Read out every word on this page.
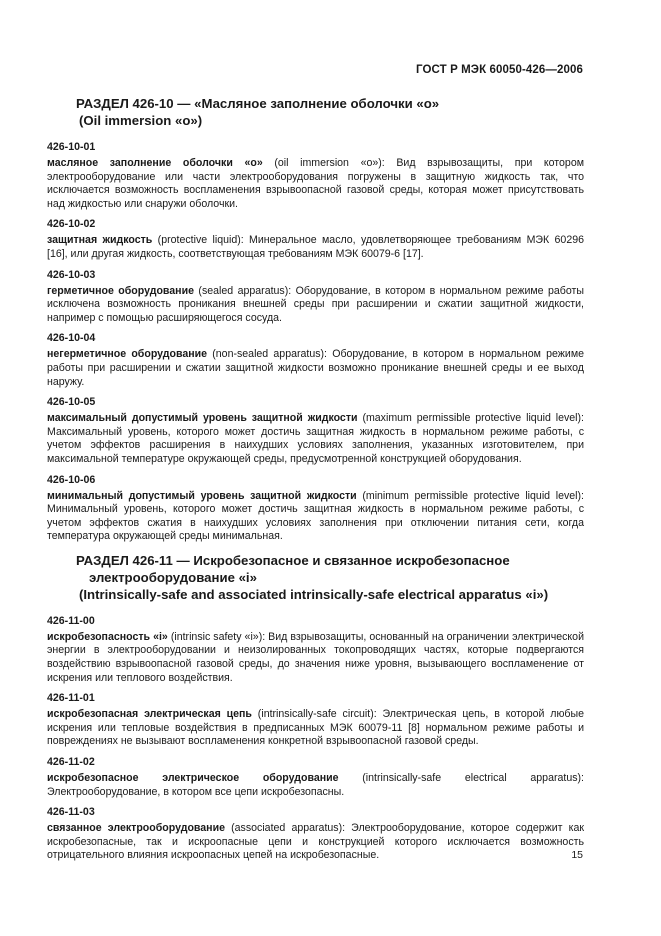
ГОСТ Р МЭК 60050-426—2006
РАЗДЕЛ 426-10 — «Масляное заполнение оболочки «о»
(Oil immersion «o»)
426-10-01
масляное заполнение оболочки «о» (oil immersion «o»): Вид взрывозащиты, при котором электрооборудование или части электрооборудования погружены в защитную жидкость так, что исключается возможность воспламенения взрывоопасной газовой среды, которая может присутствовать над жидкостью или снаружи оболочки.
426-10-02
защитная жидкость (protective liquid): Минеральное масло, удовлетворяющее требованиям МЭК 60296 [16], или другая жидкость, соответствующая требованиям МЭК 60079-6 [17].
426-10-03
герметичное оборудование (sealed apparatus): Оборудование, в котором в нормальном режиме работы исключена возможность проникания внешней среды при расширении и сжатии защитной жидкости, например с помощью расширяющегося сосуда.
426-10-04
негерметичное оборудование (non-sealed apparatus): Оборудование, в котором в нормальном режиме работы при расширении и сжатии защитной жидкости возможно проникание внешней среды и ее выход наружу.
426-10-05
максимальный допустимый уровень защитной жидкости (maximum permissible protective liquid level): Максимальный уровень, которого может достичь защитная жидкость в нормальном режиме работы, с учетом эффектов расширения в наихудших условиях заполнения, указанных изготовителем, при максимальной температуре окружающей среды, предусмотренной конструкцией оборудования.
426-10-06
минимальный допустимый уровень защитной жидкости (minimum permissible protective liquid level): Минимальный уровень, которого может достичь защитная жидкость в нормальном режиме работы, с учетом эффектов сжатия в наихудших условиях заполнения при отключении питания сети, когда температура окружающей среды минимальная.
РАЗДЕЛ 426-11 — Искробезопасное и связанное искробезопасное
электрооборудование «i»
(Intrinsically-safe and associated intrinsically-safe electrical apparatus «i»)
426-11-00
искробезопасность «i» (intrinsic safety «i»): Вид взрывозащиты, основанный на ограничении электрической энергии в электрооборудовании и неизолированных токопроводящих частях, которые подвергаются воздействию взрывоопасной газовой среды, до значения ниже уровня, вызывающего воспламенение от искрения или теплового воздействия.
426-11-01
искробезопасная электрическая цепь (intrinsically-safe circuit): Электрическая цепь, в которой любые искрения или тепловые воздействия в предписанных МЭК 60079-11 [8] нормальном режиме работы и повреждениях не вызывают воспламенения конкретной взрывоопасной газовой среды.
426-11-02
искробезопасное электрическое оборудование (intrinsically-safe electrical apparatus): Электрооборудование, в котором все цепи искробезопасны.
426-11-03
связанное электрооборудование (associated apparatus): Электрооборудование, которое содержит как искробезопасные, так и искроопасные цепи и конструкцией которого исключается возможность отрицательного влияния искроопасных цепей на искробезопасные.	15
